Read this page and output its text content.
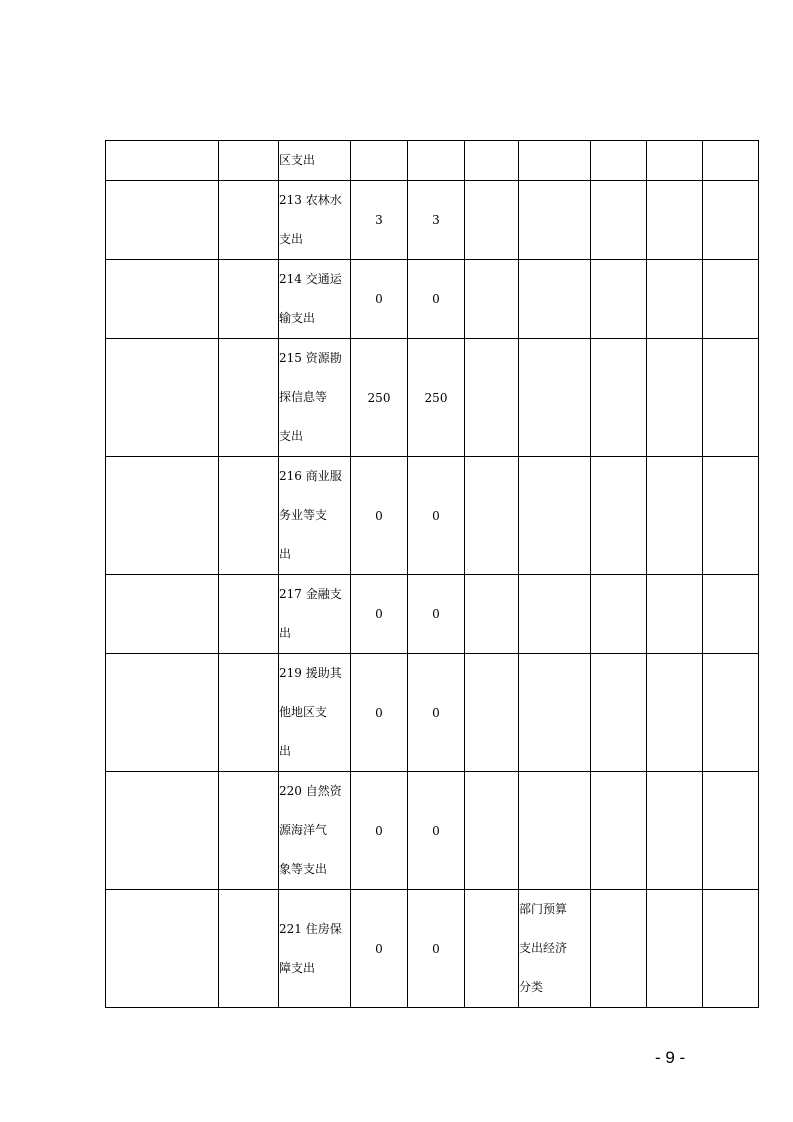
		区支出							

		213 农林水
支出	3	3					

		214 交通运
输支出	0	0					

		215 资源勘
探信息等
支出	250	250					

		216 商业服
务业等支
出	0	0					

		217 金融支
出	0	0					

		219 援助其
他地区支
出	0	0					

		220 自然资
源海洋气
象等支出	0	0					

		221 住房保
障支出	0	0		部门预算
支出经济
分类			

- 9 -
